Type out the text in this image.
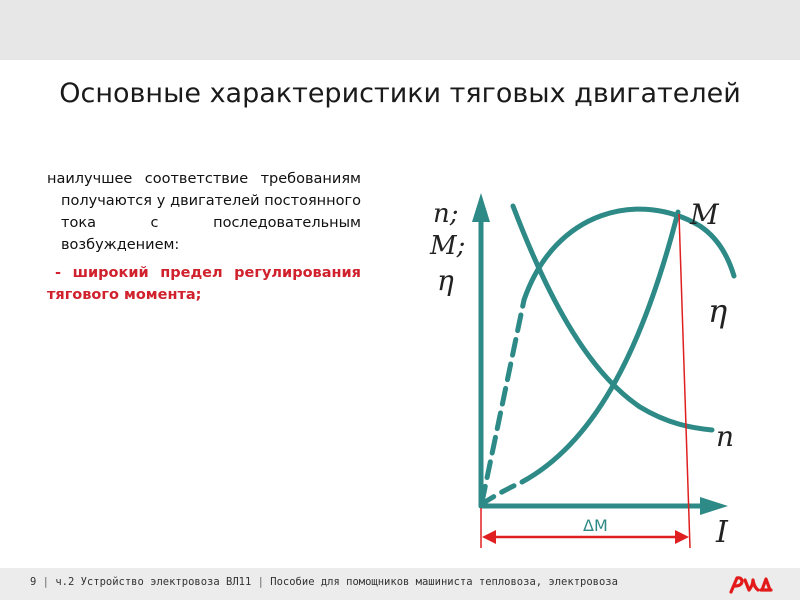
Основные характеристики тяговых двигателей

наилучшее соответствие требованиям получаются у двигателей постоянного тока с последовательным возбуждением:

- широкий предел регулирования тягового момента;

n;
M;
η
M
η
n
I
ΔM
9 | ч.2 Устройство электровоза ВЛ11 | Пособие для помощников машиниста тепловоза, электровоза
